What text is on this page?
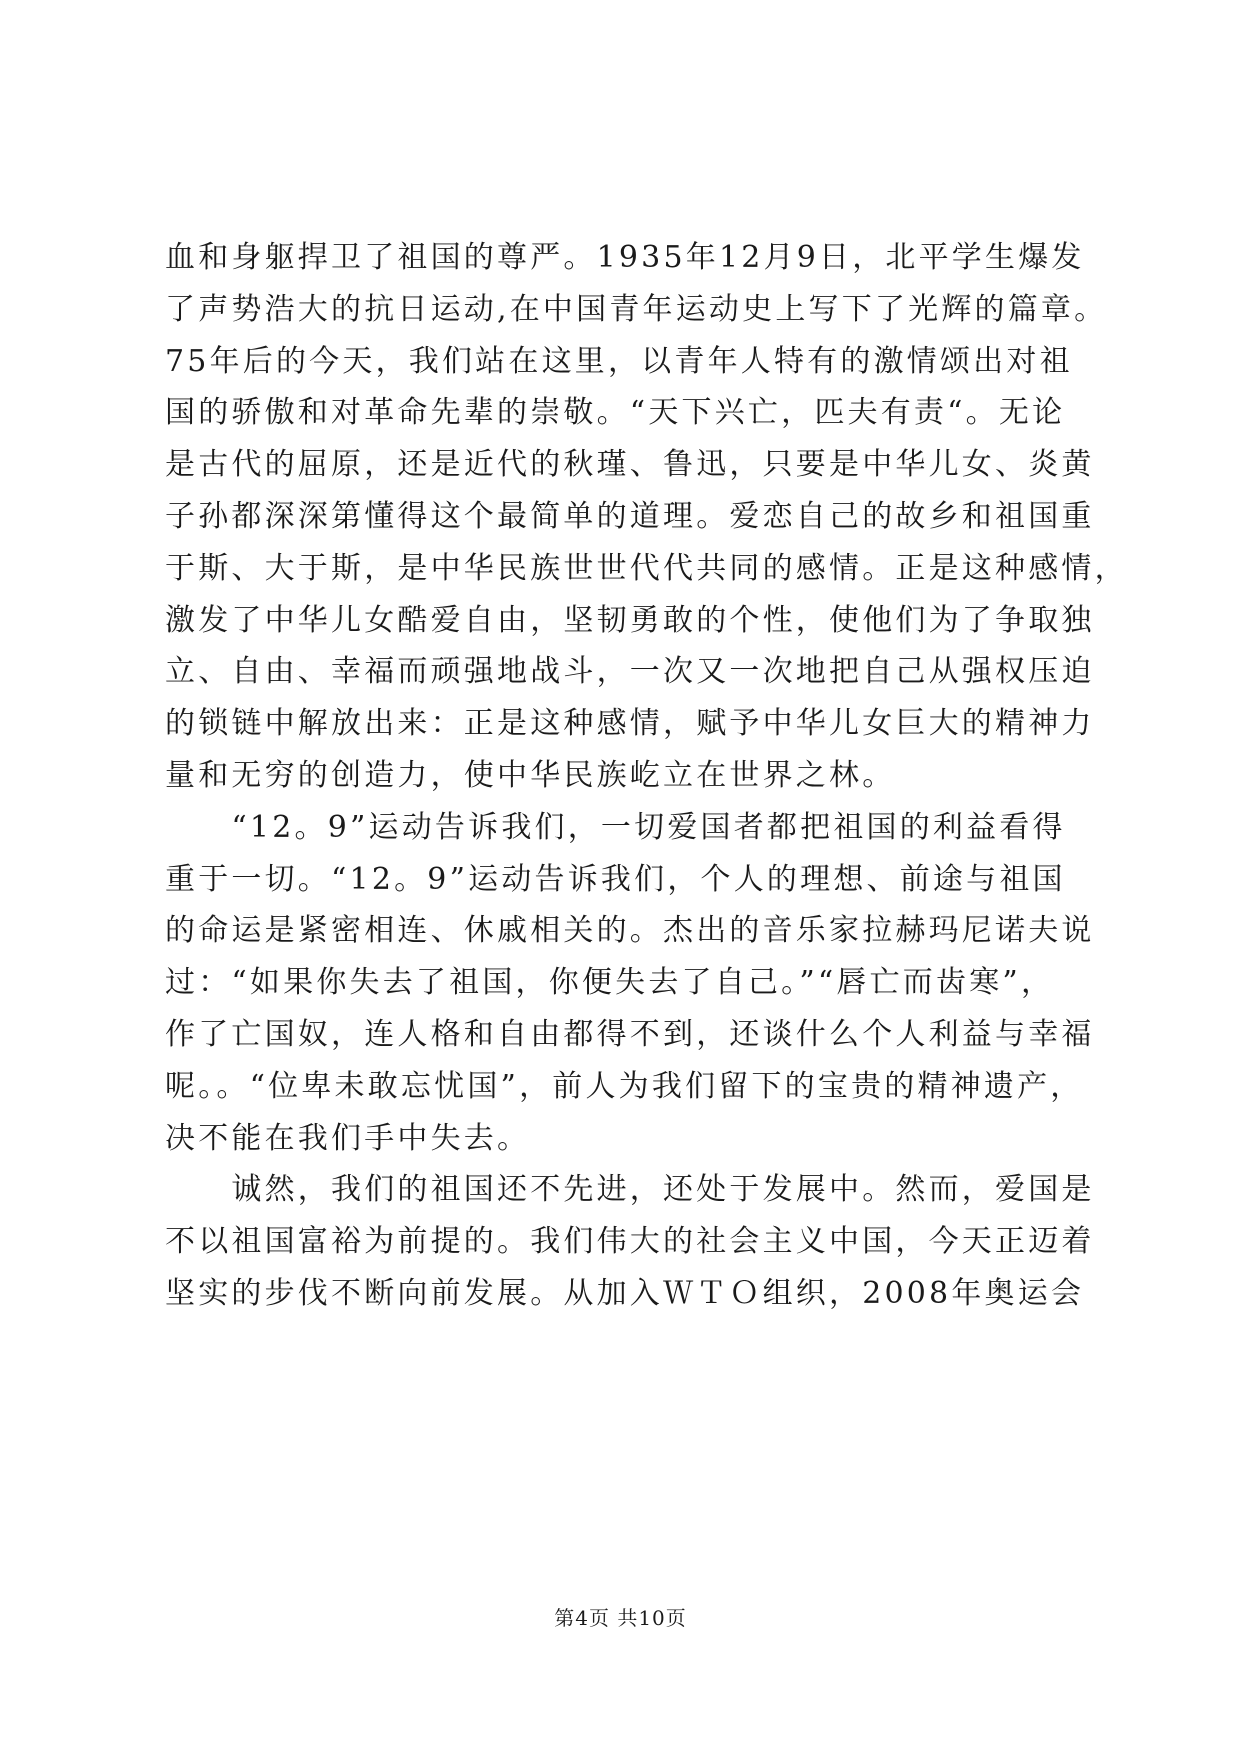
血和身躯捍卫了祖国的尊严。1935年12月9日，北平学生爆发
了声势浩大的抗日运动,在中国青年运动史上写下了光辉的篇章。
75年后的今天，我们站在这里，以青年人特有的激情颂出对祖
国的骄傲和对革命先辈的崇敬。“天下兴亡，匹夫有责“。无论
是古代的屈原，还是近代的秋瑾、鲁迅，只要是中华儿女、炎黄
子孙都深深第懂得这个最简单的道理。爱恋自己的故乡和祖国重
于斯、大于斯，是中华民族世世代代共同的感情。正是这种感情，
激发了中华儿女酷爱自由，坚韧勇敢的个性，使他们为了争取独
立、自由、幸福而顽强地战斗，一次又一次地把自己从强权压迫
的锁链中解放出来：正是这种感情，赋予中华儿女巨大的精神力
量和无穷的创造力，使中华民族屹立在世界之林。
　　“12。9”运动告诉我们，一切爱国者都把祖国的利益看得
重于一切。“12。9”运动告诉我们，个人的理想、前途与祖国
的命运是紧密相连、休戚相关的。杰出的音乐家拉赫玛尼诺夫说
过：“如果你失去了祖国，你便失去了自己。”“唇亡而齿寒”，
作了亡国奴，连人格和自由都得不到，还谈什么个人利益与幸福
呢。。“位卑未敢忘忧国”，前人为我们留下的宝贵的精神遗产，
决不能在我们手中失去。
　　诚然，我们的祖国还不先进，还处于发展中。然而，爱国是
不以祖国富裕为前提的。我们伟大的社会主义中国，今天正迈着
坚实的步伐不断向前发展。从加入ＷＴＯ组织，2008年奥运会
第4页 共10页
